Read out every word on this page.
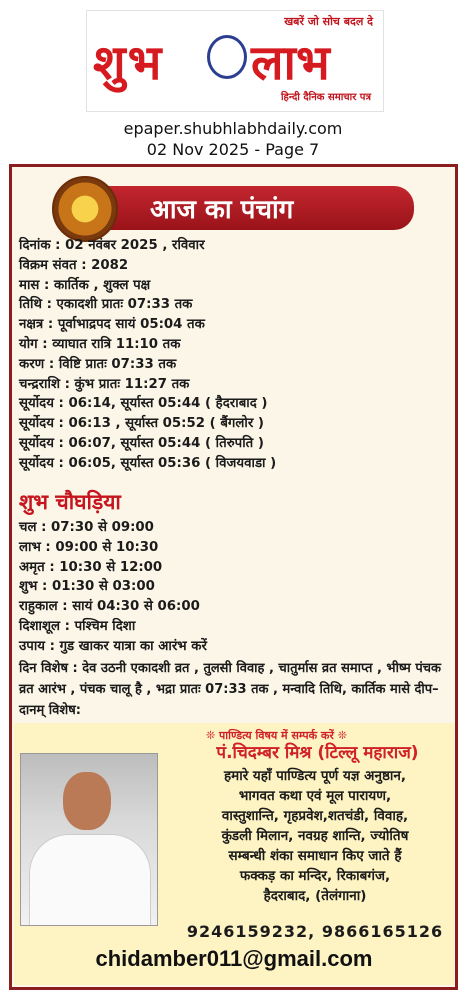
खबरें जो सोच बदल दे
शुभ लाभ
हिन्दी दैनिक समाचार पत्र
epaper.shubhlabhdaily.com
02 Nov 2025 - Page 7
आज का पंचांग
दिनांक : 02 नवंबर 2025 , रविवार
विक्रम संवत : 2082
मास : कार्तिक , शुक्ल पक्ष
तिथि : एकादशी प्रातः 07:33 तक
नक्षत्र : पूर्वाभाद्रपद सायं 05:04 तक
योग : व्याघात रात्रि 11:10 तक
करण : विष्टि प्रातः 07:33 तक
चन्द्रराशि : कुंभ प्रातः 11:27 तक
सूर्योदय : 06:14, सूर्यास्त 05:44 ( हैदराबाद )
सूर्योदय : 06:13 , सूर्यास्त 05:52 ( बैंगलोर )
सूर्योदय : 06:07, सूर्यास्त 05:44 ( तिरुपति )
सूर्योदय : 06:05, सूर्यास्त 05:36 ( विजयवाडा )
शुभ चौघड़िया
चल : 07:30 से 09:00
लाभ : 09:00 से 10:30
अमृत : 10:30 से 12:00
शुभ : 01:30 से 03:00
राहुकाल : सायं 04:30 से 06:00
दिशाशूल : पश्चिम दिशा
उपाय : गुड खाकर यात्रा का आरंभ करें
दिन विशेष : देव उठनी एकादशी व्रत , तुलसी विवाह , चातुर्मास व्रत समाप्त , भीष्म पंचक व्रत आरंभ , पंचक चालू है , भद्रा प्रातः 07:33 तक , मन्वादि तिथि, कार्तिक मासे दीप–दानम् विशेष:
❊ पाण्डित्य विषय में सम्पर्क करें ❊
पं.चिदम्बर मिश्र (टिल्लू महाराज)
हमारे यहाँ पाण्डित्य पूर्ण यज्ञ अनुष्ठान,
भागवत कथा एवं मूल पारायण,
वास्तुशान्ति, गृहप्रवेश,शतचंडी, विवाह,
कुंडली मिलान, नवग्रह शान्ति, ज्योतिष
सम्बन्धी शंका समाधान किए जाते हैं
फक्कड़ का मन्दिर, रिकाबगंज,
हैदराबाद, (तेलंगाना)
9246159232, 9866165126
chidamber011@gmail.com
